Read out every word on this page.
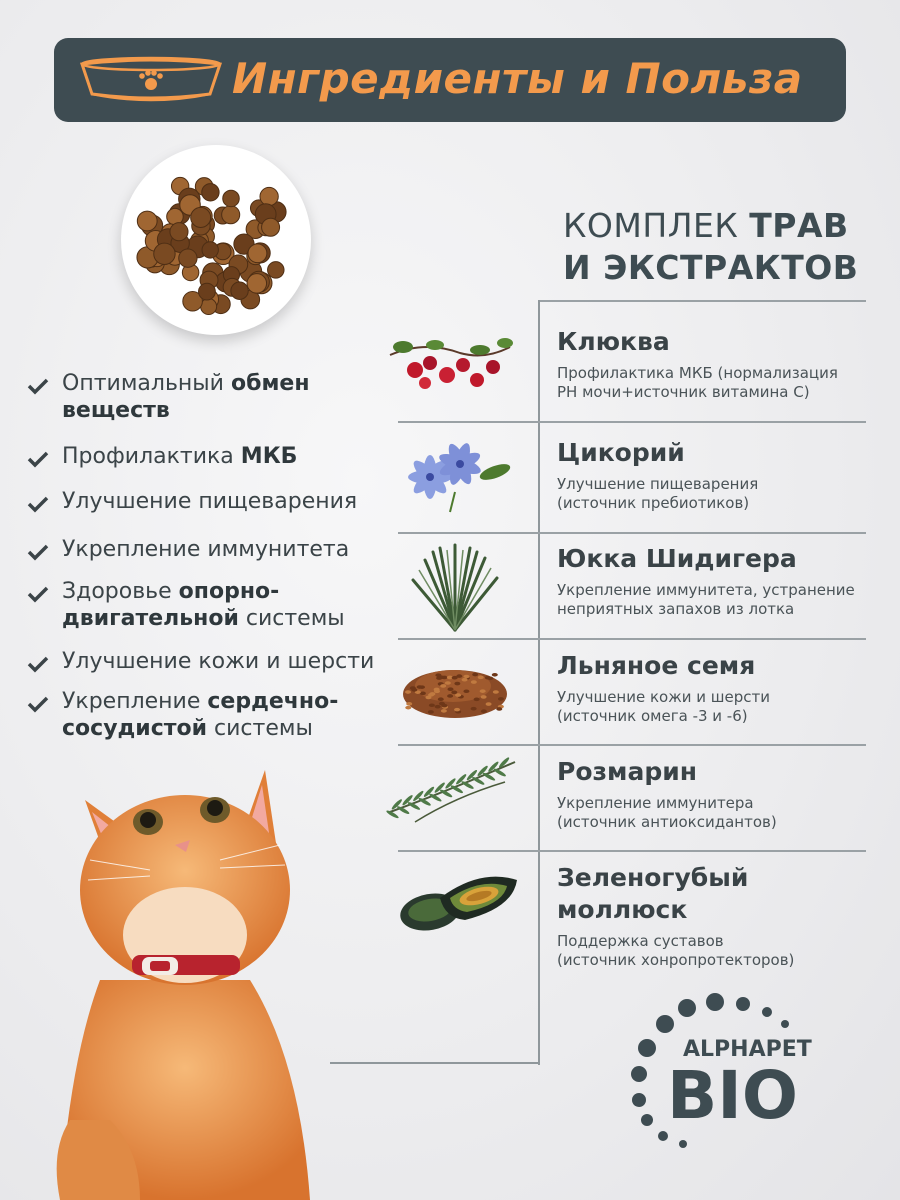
Ингредиенты и Польза
Оптимальный обмен веществ
Профилактика МКБ
Улучшение пищеварения
Укрепление иммунитета
Здоровье опорно-двигательной системы
Улучшение кожи и шерсти
Укрепление сердечно-сосудистой системы
КОМПЛЕК ТРАВ
И ЭКСТРАКТОВ
Клюква
Профилактика МКБ (нормализация
PH мочи+источник витамина С)
Цикорий
Улучшение пищеварения
(источник пребиотиков)
Юкка Шидигера
Укрепление иммунитета, устранение
неприятных запахов из лотка
Льняное семя
Улучшение кожи и шерсти
(источник омега -3 и -6)
Розмарин
Укрепление иммунитера
(источник антиоксидантов)
Зеленогубый моллюск
Поддержка суставов
(источник хонропротекторов)
ALPHAPET
BIO
